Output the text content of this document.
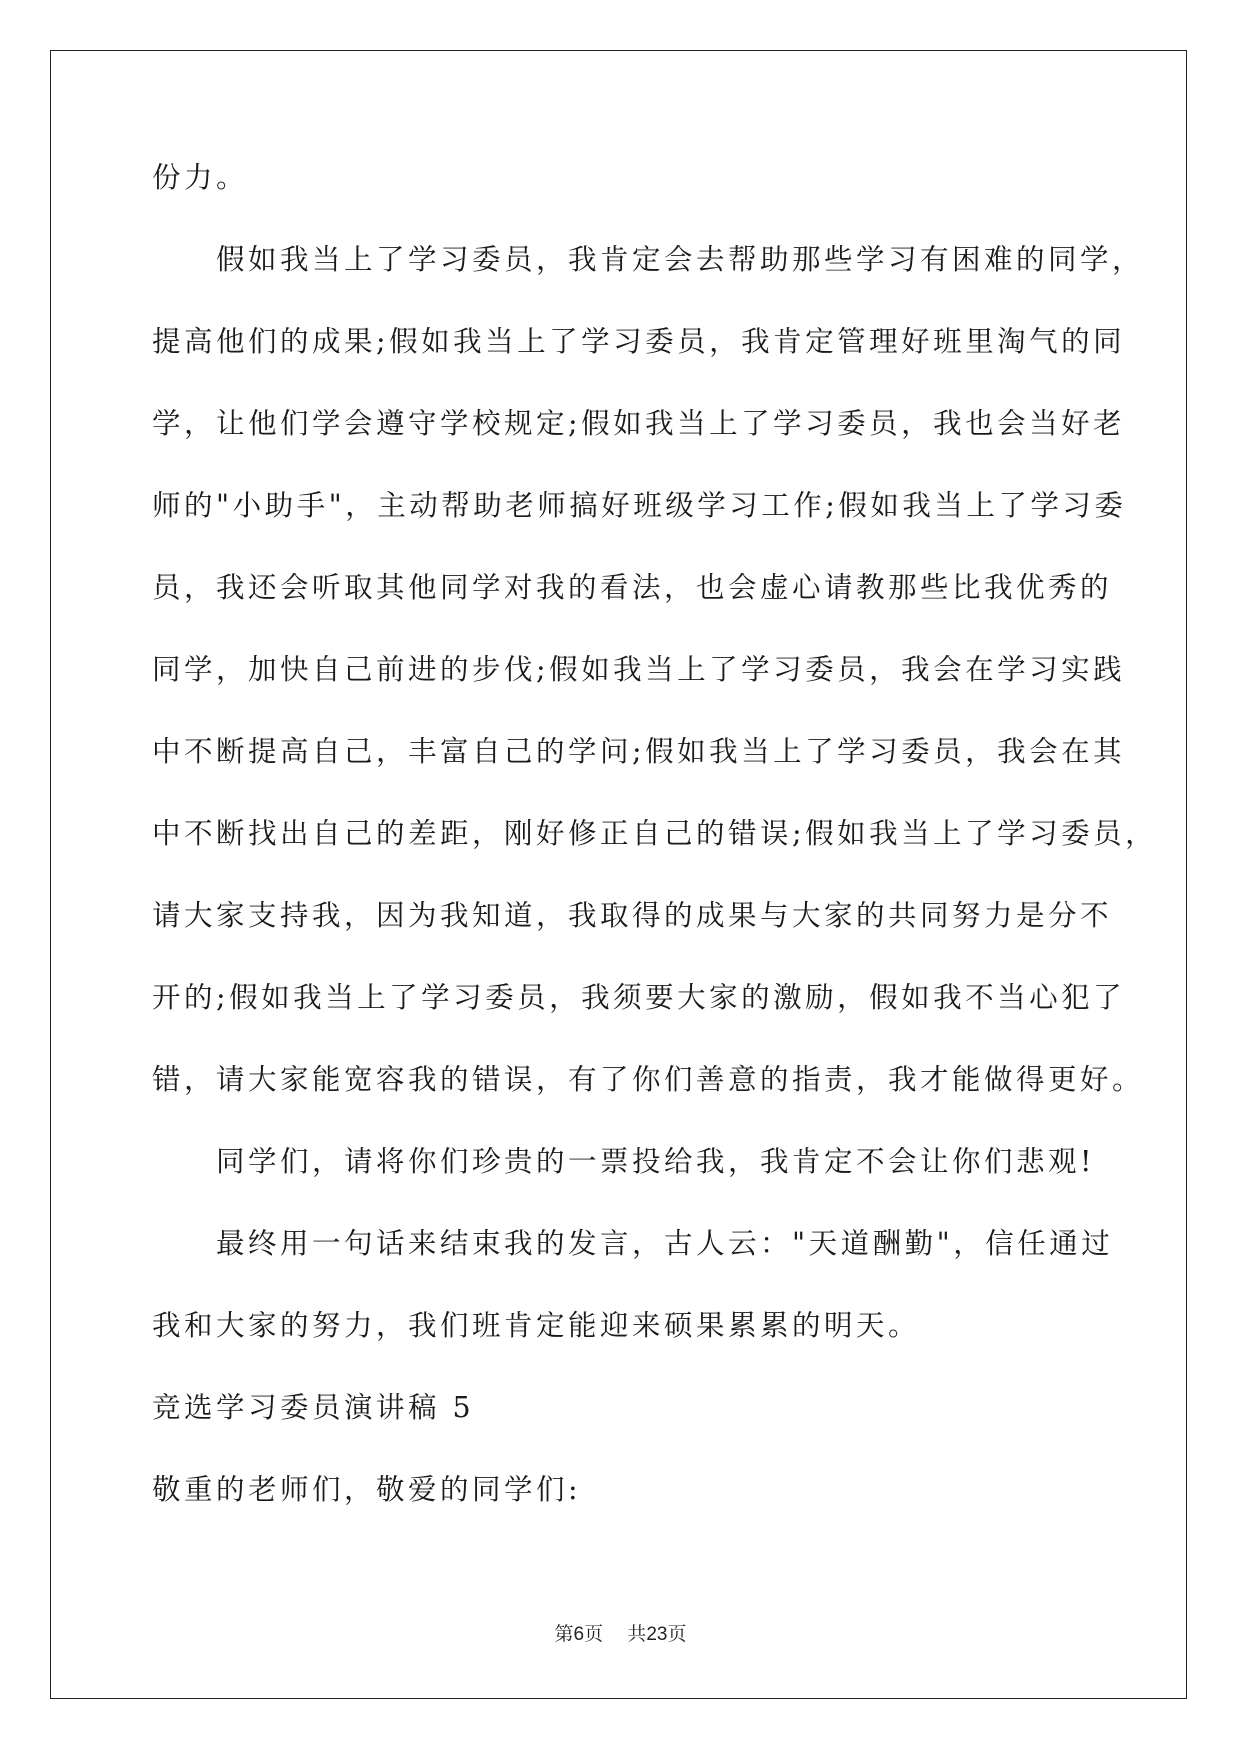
份力。
假如我当上了学习委员，我肯定会去帮助那些学习有困难的同学，
提高他们的成果;假如我当上了学习委员，我肯定管理好班里淘气的同
学，让他们学会遵守学校规定;假如我当上了学习委员，我也会当好老
师的"小助手"，主动帮助老师搞好班级学习工作;假如我当上了学习委
员，我还会听取其他同学对我的看法，也会虚心请教那些比我优秀的
同学，加快自己前进的步伐;假如我当上了学习委员，我会在学习实践
中不断提高自己，丰富自己的学问;假如我当上了学习委员，我会在其
中不断找出自己的差距，刚好修正自己的错误;假如我当上了学习委员，
请大家支持我，因为我知道，我取得的成果与大家的共同努力是分不
开的;假如我当上了学习委员，我须要大家的激励，假如我不当心犯了
错，请大家能宽容我的错误，有了你们善意的指责，我才能做得更好。
同学们，请将你们珍贵的一票投给我，我肯定不会让你们悲观!
最终用一句话来结束我的发言，古人云："天道酬勤"，信任通过
我和大家的努力，我们班肯定能迎来硕果累累的明天。
竞选学习委员演讲稿 5
敬重的老师们，敬爱的同学们:
第6页 共23页
